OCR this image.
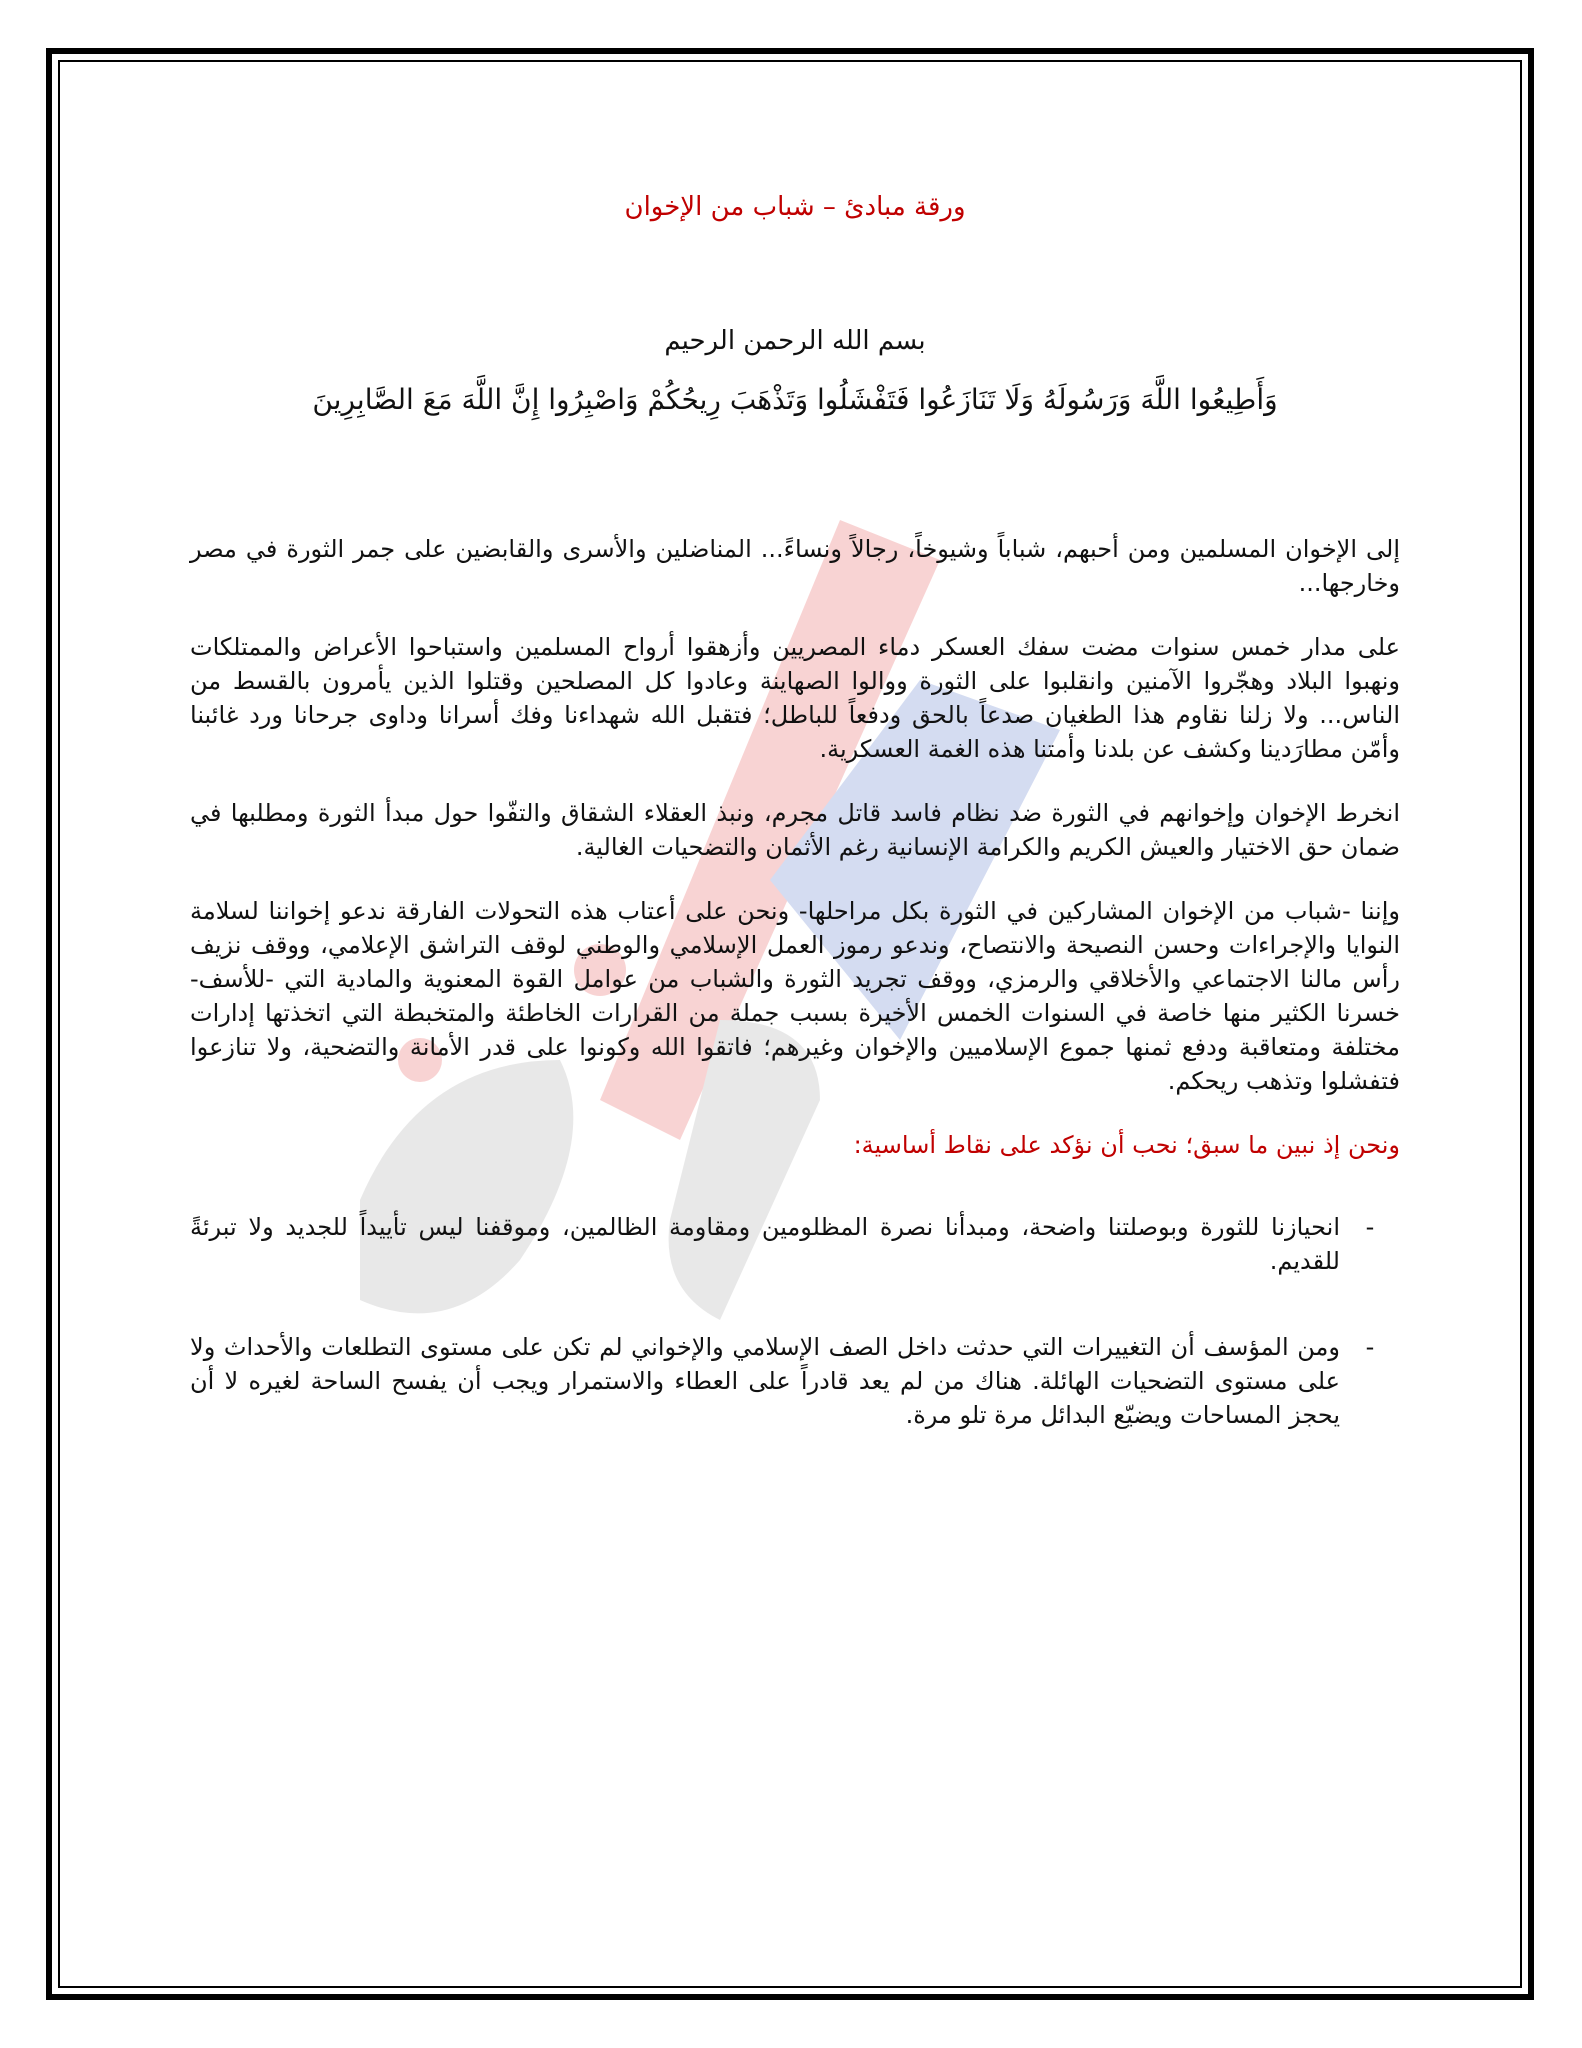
ورقة مبادئ – شباب من الإخوان
بسم الله الرحمن الرحيم
وَأَطِيعُوا اللَّهَ وَرَسُولَهُ وَلَا تَنَازَعُوا فَتَفْشَلُوا وَتَذْهَبَ رِيحُكُمْ وَاصْبِرُوا إِنَّ اللَّهَ مَعَ الصَّابِرِينَ

إلى الإخوان المسلمين ومن أحبهم، شباباً وشيوخاً، رجالاً ونساءً... المناضلين والأسرى والقابضين على جمر الثورة في مصر وخارجها...

على مدار خمس سنوات مضت سفك العسكر دماء المصريين وأزهقوا أرواح المسلمين واستباحوا الأعراض والممتلكات ونهبوا البلاد وهجّروا الآمنين وانقلبوا على الثورة ووالوا الصهاينة وعادوا كل المصلحين وقتلوا الذين يأمرون بالقسط من الناس... ولا زلنا نقاوم هذا الطغيان صدعاً بالحق ودفعاً للباطل؛ فتقبل الله شهداءنا وفك أسرانا وداوى جرحانا ورد غائبنا وأمّن مطارَدينا وكشف عن بلدنا وأمتنا هذه الغمة العسكرية.

انخرط الإخوان وإخوانهم في الثورة ضد نظام فاسد قاتل مجرم، ونبذ العقلاء الشقاق والتفّوا حول مبدأ الثورة ومطلبها في ضمان حق الاختيار والعيش الكريم والكرامة الإنسانية رغم الأثمان والتضحيات الغالية.

وإننا -شباب من الإخوان المشاركين في الثورة بكل مراحلها- ونحن على أعتاب هذه التحولات الفارقة ندعو إخواننا لسلامة النوايا والإجراءات وحسن النصيحة والانتصاح، وندعو رموز العمل الإسلامي والوطني لوقف التراشق الإعلامي، ووقف نزيف رأس مالنا الاجتماعي والأخلاقي والرمزي، ووقف تجريد الثورة والشباب من عوامل القوة المعنوية والمادية التي -للأسف- خسرنا الكثير منها خاصة في السنوات الخمس الأخيرة بسبب جملة من القرارات الخاطئة والمتخبطة التي اتخذتها إدارات مختلفة ومتعاقبة ودفع ثمنها جموع الإسلاميين والإخوان وغيرهم؛ فاتقوا الله وكونوا على قدر الأمانة والتضحية، ولا تنازعوا فتفشلوا وتذهب ريحكم.

ونحن إذ نبين ما سبق؛ نحب أن نؤكد على نقاط أساسية:

-
انحيازنا للثورة وبوصلتنا واضحة، ومبدأنا نصرة المظلومين ومقاومة الظالمين، وموقفنا ليس تأييداً للجديد ولا تبرئةً للقديم.
-
ومن المؤسف أن التغييرات التي حدثت داخل الصف الإسلامي والإخواني لم تكن على مستوى التطلعات والأحداث ولا على مستوى التضحيات الهائلة. هناك من لم يعد قادراً على العطاء والاستمرار ويجب أن يفسح الساحة لغيره لا أن يحجز المساحات ويضيّع البدائل مرة تلو مرة.
